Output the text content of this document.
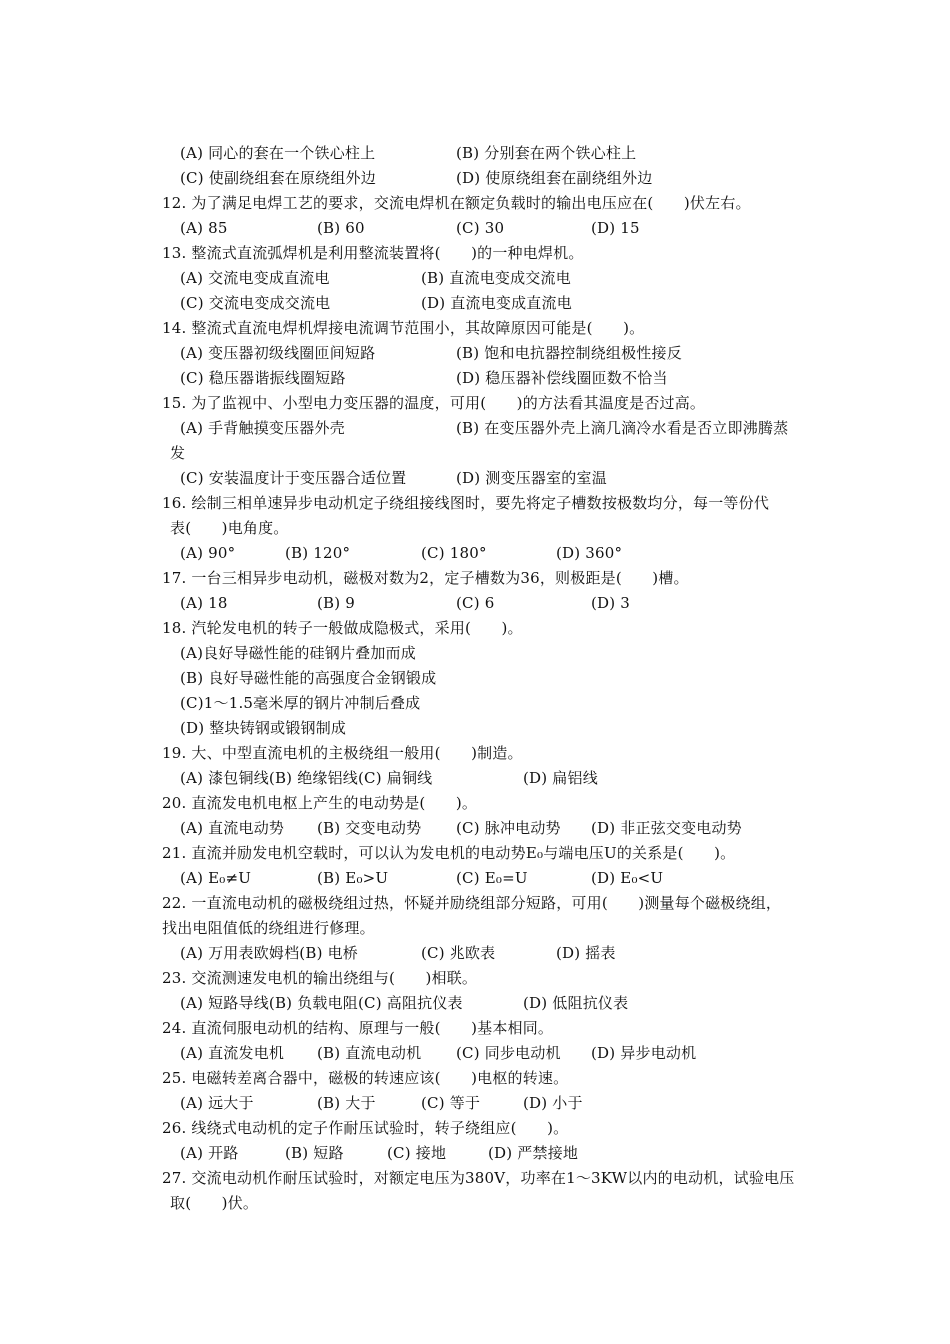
(A) 同心的套在一个铁心柱上	(B) 分别套在两个铁心柱上
(C) 使副绕组套在原绕组外边	(D) 使原绕组套在副绕组外边
12. 为了满足电焊工艺的要求，交流电焊机在额定负载时的输出电压应在(　　)伏左右。
(A) 85	(B) 60	(C) 30	(D) 15
13. 整流式直流弧焊机是利用整流装置将(　　)的一种电焊机。
(A) 交流电变成直流电	(B) 直流电变成交流电
(C) 交流电变成交流电	(D) 直流电变成直流电
14. 整流式直流电焊机焊接电流调节范围小，其故障原因可能是(　　)。
(A) 变压器初级线圈匝间短路	(B) 饱和电抗器控制绕组极性接反
(C) 稳压器谐振线圈短路	(D) 稳压器补偿线圈匝数不恰当
15. 为了监视中、小型电力变压器的温度，可用(　　)的方法看其温度是否过高。
(A) 手背触摸变压器外壳	(B) 在变压器外壳上滴几滴冷水看是否立即沸腾蒸
发
(C) 安装温度计于变压器合适位置	(D) 测变压器室的室温
16. 绘制三相单速异步电动机定子绕组接线图时，要先将定子槽数按极数均分，每一等份代
表(　　)电角度。
(A) 90°	(B) 120°	(C) 180°	(D) 360°
17. 一台三相异步电动机，磁极对数为2，定子槽数为36，则极距是(　　)槽。
(A) 18	(B) 9	(C) 6	(D) 3
18. 汽轮发电机的转子一般做成隐极式，采用(　　)。
(A)良好导磁性能的硅钢片叠加而成
(B) 良好导磁性能的高强度合金钢锻成
(C)1～1.5毫米厚的钢片冲制后叠成
(D) 整块铸钢或锻钢制成
19. 大、中型直流电机的主极绕组一般用(　　)制造。
(A) 漆包铜线(B) 绝缘铝线(C) 扁铜线	(D) 扁铝线
20. 直流发电机电枢上产生的电动势是(　　)。
(A) 直流电动势 (B) 交变电动势 (C) 脉冲电动势 (D) 非正弦交变电动势
21. 直流并励发电机空载时，可以认为发电机的电动势E₀与端电压U的关系是(　　)。
(A) E₀≠U	(B) E₀>U	(C) E₀=U	(D) E₀<U
22. 一直流电动机的磁极绕组过热，怀疑并励绕组部分短路，可用(　　)测量每个磁极绕组，
找出电阻值低的绕组进行修理。
(A) 万用表欧姆档(B) 电桥	(C) 兆欧表	(D) 摇表
23. 交流测速发电机的输出绕组与(　　)相联。
(A) 短路导线(B) 负载电阻(C) 高阻抗仪表	(D) 低阻抗仪表
24. 直流伺服电动机的结构、原理与一般(　　)基本相同。
(A) 直流发电机 (B) 直流电动机 (C) 同步电动机 (D) 异步电动机
25. 电磁转差离合器中，磁极的转速应该(　　)电枢的转速。
(A) 远大于	(B) 大于	(C) 等于	(D) 小于
26. 线绕式电动机的定子作耐压试验时，转子绕组应(　　)。
(A) 开路	(B) 短路	(C) 接地	(D) 严禁接地
27. 交流电动机作耐压试验时，对额定电压为380V，功率在1～3KW以内的电动机，试验电压
取(　　)伏。
